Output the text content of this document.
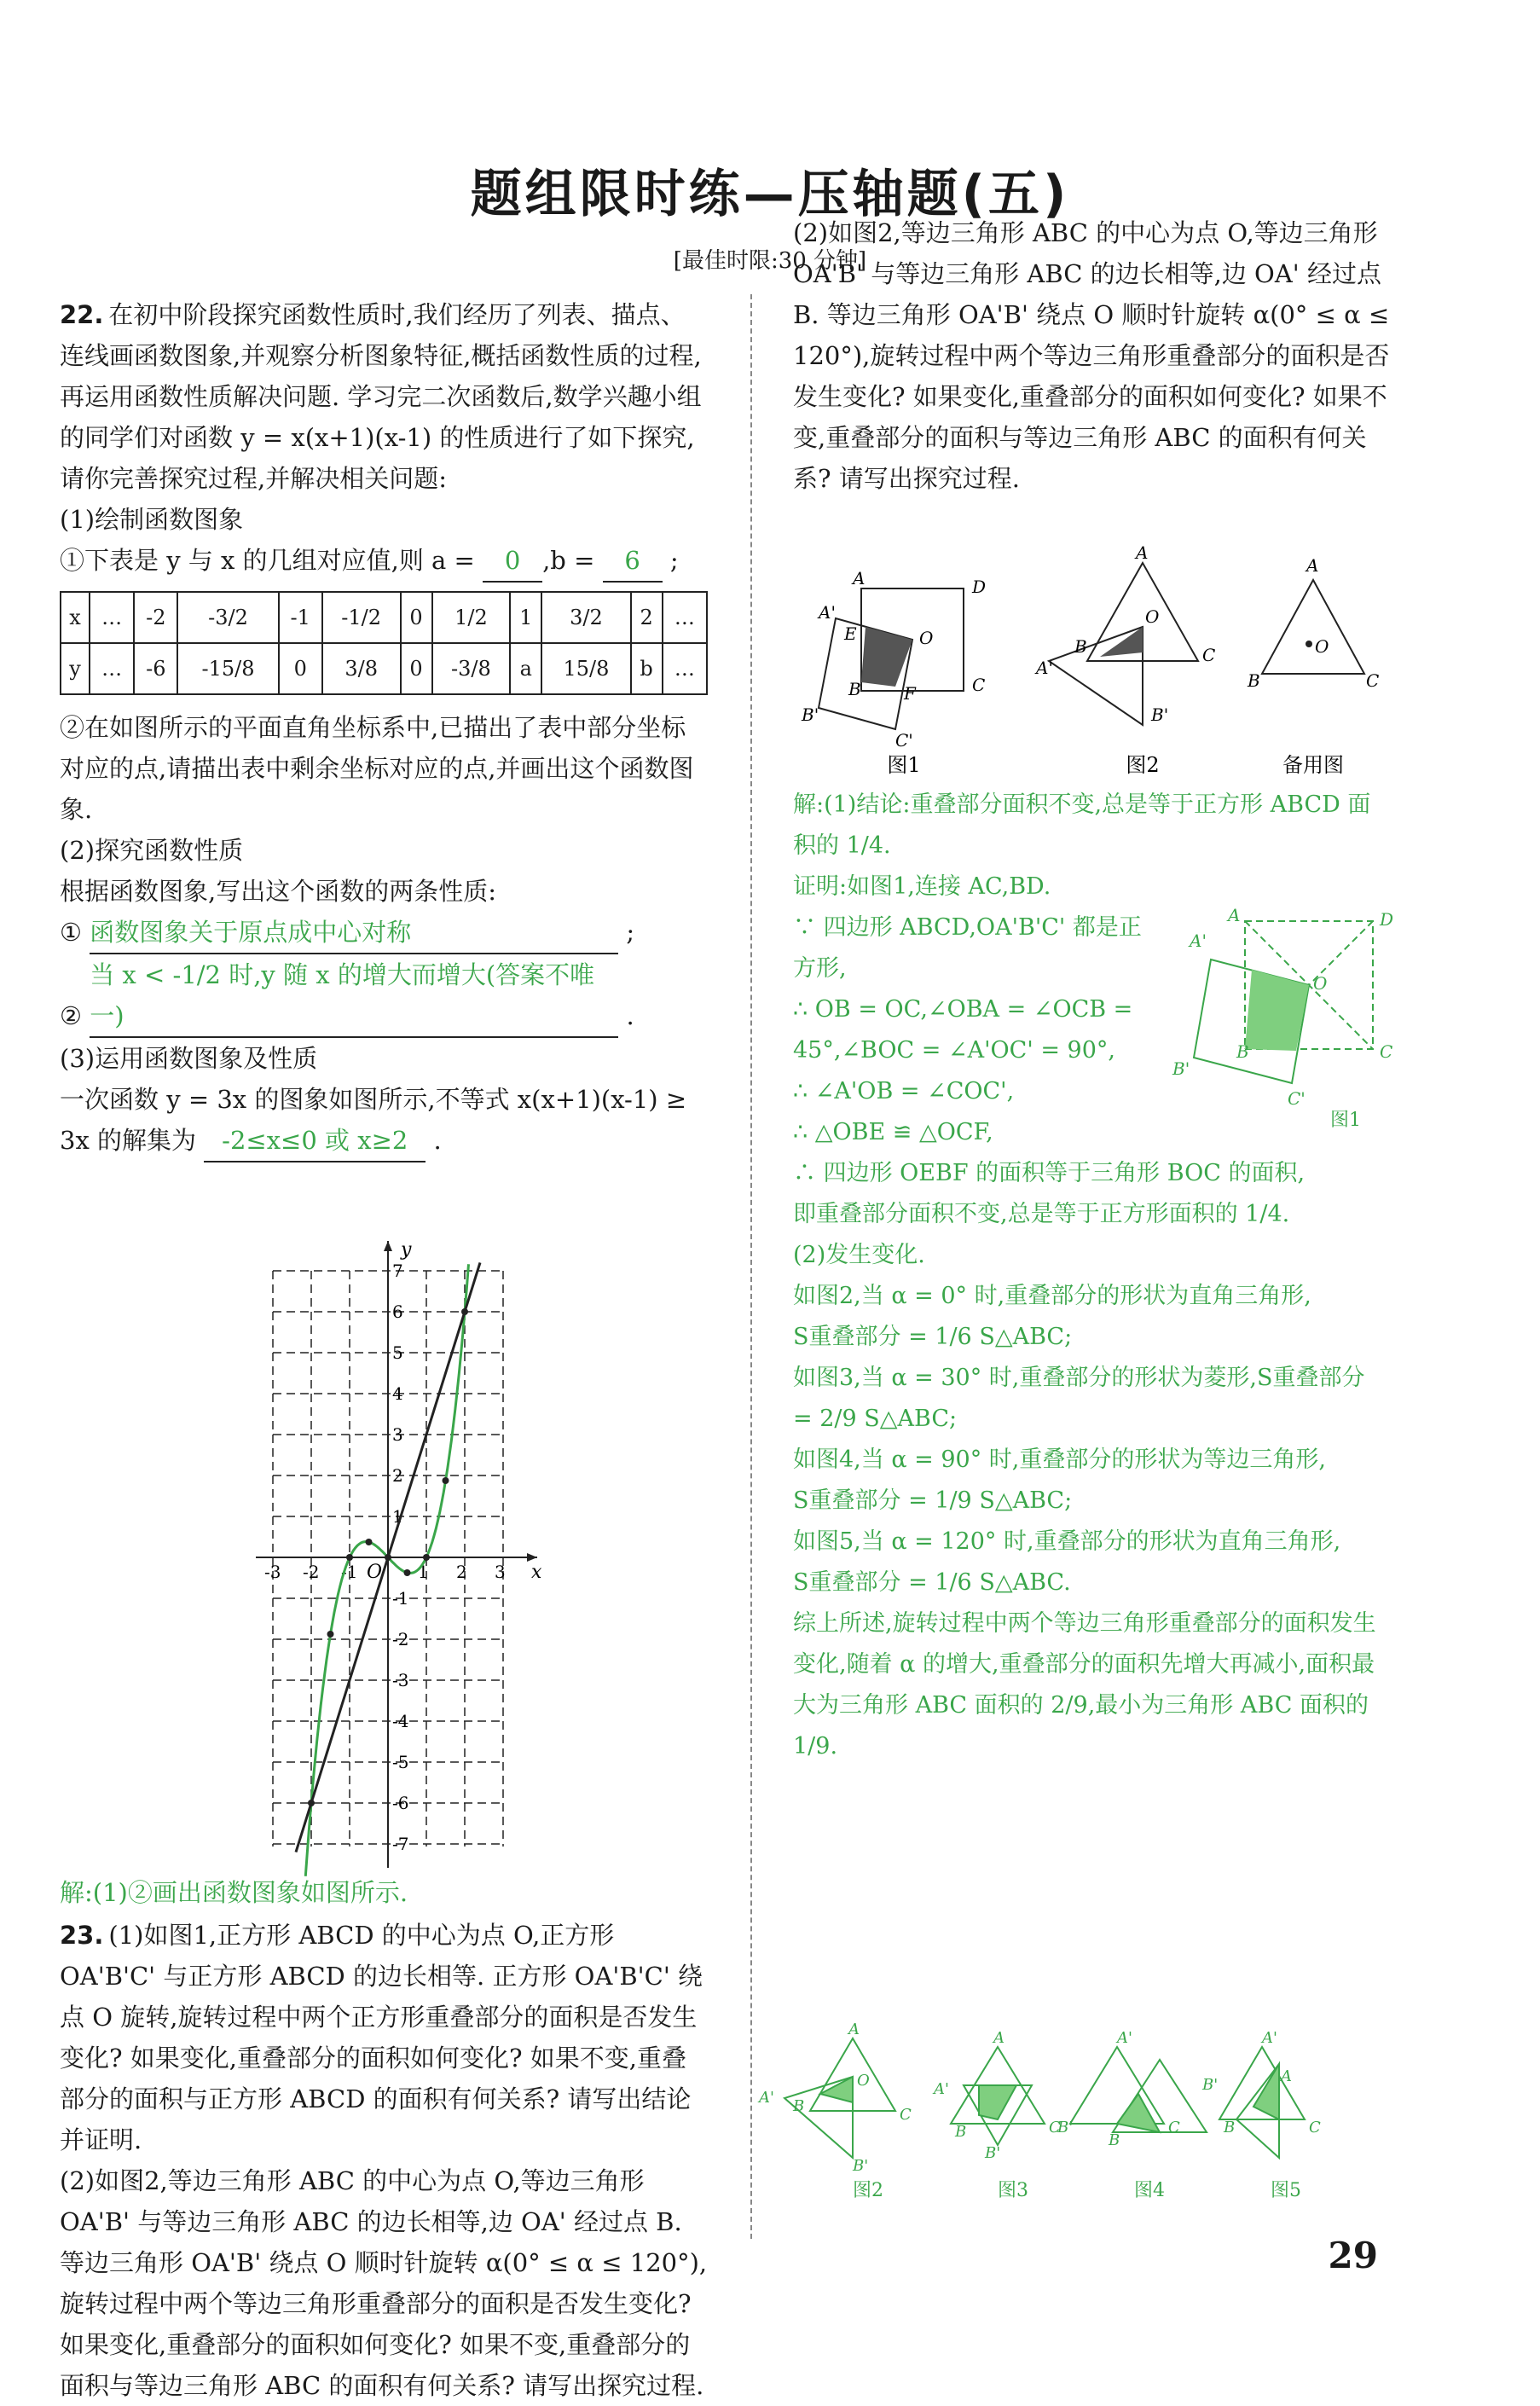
题组限时练—压轴题(五)
[最佳时限:30 分钟]

22. 在初中阶段探究函数性质时,我们经历了列表、描点、连线画函数图象,并观察分析图象特征,概括函数性质的过程,再运用函数性质解决问题. 学习完二次函数后,数学兴趣小组的同学们对函数 y = x(x+1)(x-1) 的性质进行了如下探究,请你完善探究过程,并解决相关问题:

(1)绘制函数图象

①下表是 y 与 x 的几组对应值,则 a = 0 ,b = 6 ;

x	…	-2	-3/2	-1	-1/2	0	1/2	1	3/2	2	…
y	…	-6	-15/8	0	3/8	0	-3/8	a	15/8	b	…

②在如图所示的平面直角坐标系中,已描出了表中部分坐标对应的点,请描出表中剩余坐标对应的点,并画出这个函数图象.

(2)探究函数性质

根据函数图象,写出这个函数的两条性质:

① 函数图象关于原点成中心对称	;

② 当 x < -1/2 时,y 随 x 的增大而增大(答案不唯一)	.

(3)运用函数图象及性质

一次函数 y = 3x 的图象如图所示,不等式 x(x+1)(x-1) ≥ 3x 的解集为 -2≤x≤0 或 x≥2 .

y
x
O
-3 -2 -1	1 2 3
7
6
5
4
3
2
1
-1
-2
-3
-4
-5
-6
-7

解:(1)②画出函数图象如图所示.

23. (1)如图1,正方形 ABCD 的中心为点 O,正方形 OA'B'C' 与正方形 ABCD 的边长相等. 正方形 OA'B'C' 绕点 O 旋转,旋转过程中两个正方形重叠部分的面积是否发生变化? 如果变化,重叠部分的面积如何变化? 如果不变,重叠部分的面积与正方形 ABCD 的面积有何关系? 请写出结论并证明.

(2)如图2,等边三角形 ABC 的中心为点 O,等边三角形 OA'B' 与等边三角形 ABC 的边长相等,边 OA' 经过点 B. 等边三角形 OA'B' 绕点 O 顺时针旋转 α(0° ≤ α ≤ 120°),旋转过程中两个等边三角形重叠部分的面积是否发生变化? 如果变化,重叠部分的面积如何变化? 如果不变,重叠部分的面积与等边三角形 ABC 的面积有何关系? 请写出探究过程.

(2)如图2,等边三角形 ABC 的中心为点 O,等边三角形 OA'B' 与等边三角形 ABC 的边长相等,边 OA' 经过点 B. 等边三角形 OA'B' 绕点 O 顺时针旋转 α(0° ≤ α ≤ 120°),旋转过程中两个等边三角形重叠部分的面积是否发生变化? 如果变化,重叠部分的面积如何变化? 如果不变,重叠部分的面积与等边三角形 ABC 的面积有何关系? 请写出探究过程.

A	D
C
B
O
E
F
A'
B'
C'
A
O
B	C
A'
B'
A
O
B	C
图1	图2	备用图

解:(1)结论:重叠部分面积不变,总是等于正方形 ABCD 面积的 1/4.

证明:如图1,连接 AC,BD.

∵ 四边形 ABCD,OA'B'C' 都是正方形,

∴ OB = OC,∠OBA = ∠OCB = 45°,∠BOC = ∠A'OC' = 90°,

∴ ∠A'OB = ∠COC',

∴ △OBE ≌ △OCF,

∴ 四边形 OEBF 的面积等于三角形 BOC 的面积,

即重叠部分面积不变,总是等于正方形面积的 1/4.

(2)发生变化.

如图2,当 α = 0° 时,重叠部分的形状为直角三角形,

S重叠部分 = 1/6 S△ABC;

如图3,当 α = 30° 时,重叠部分的形状为菱形,S重叠部分 = 2/9 S△ABC;

如图4,当 α = 90° 时,重叠部分的形状为等边三角形,

S重叠部分 = 1/9 S△ABC;

如图5,当 α = 120° 时,重叠部分的形状为直角三角形,

S重叠部分 = 1/6 S△ABC.

综上所述,旋转过程中两个等边三角形重叠部分的面积发生变化,随着 α 的增大,重叠部分的面积先增大再减小,面积最大为三角形 ABC 面积的 2/9,最小为三角形 ABC 面积的 1/9.

A	D
C
O
B
A'
B'
C'
图1
A
B	C
A'
O
B'
A
A'
B	C
B'
A'
B'	C
B
A'
B'	A
B	C
图2	图3	图4	图5
29
